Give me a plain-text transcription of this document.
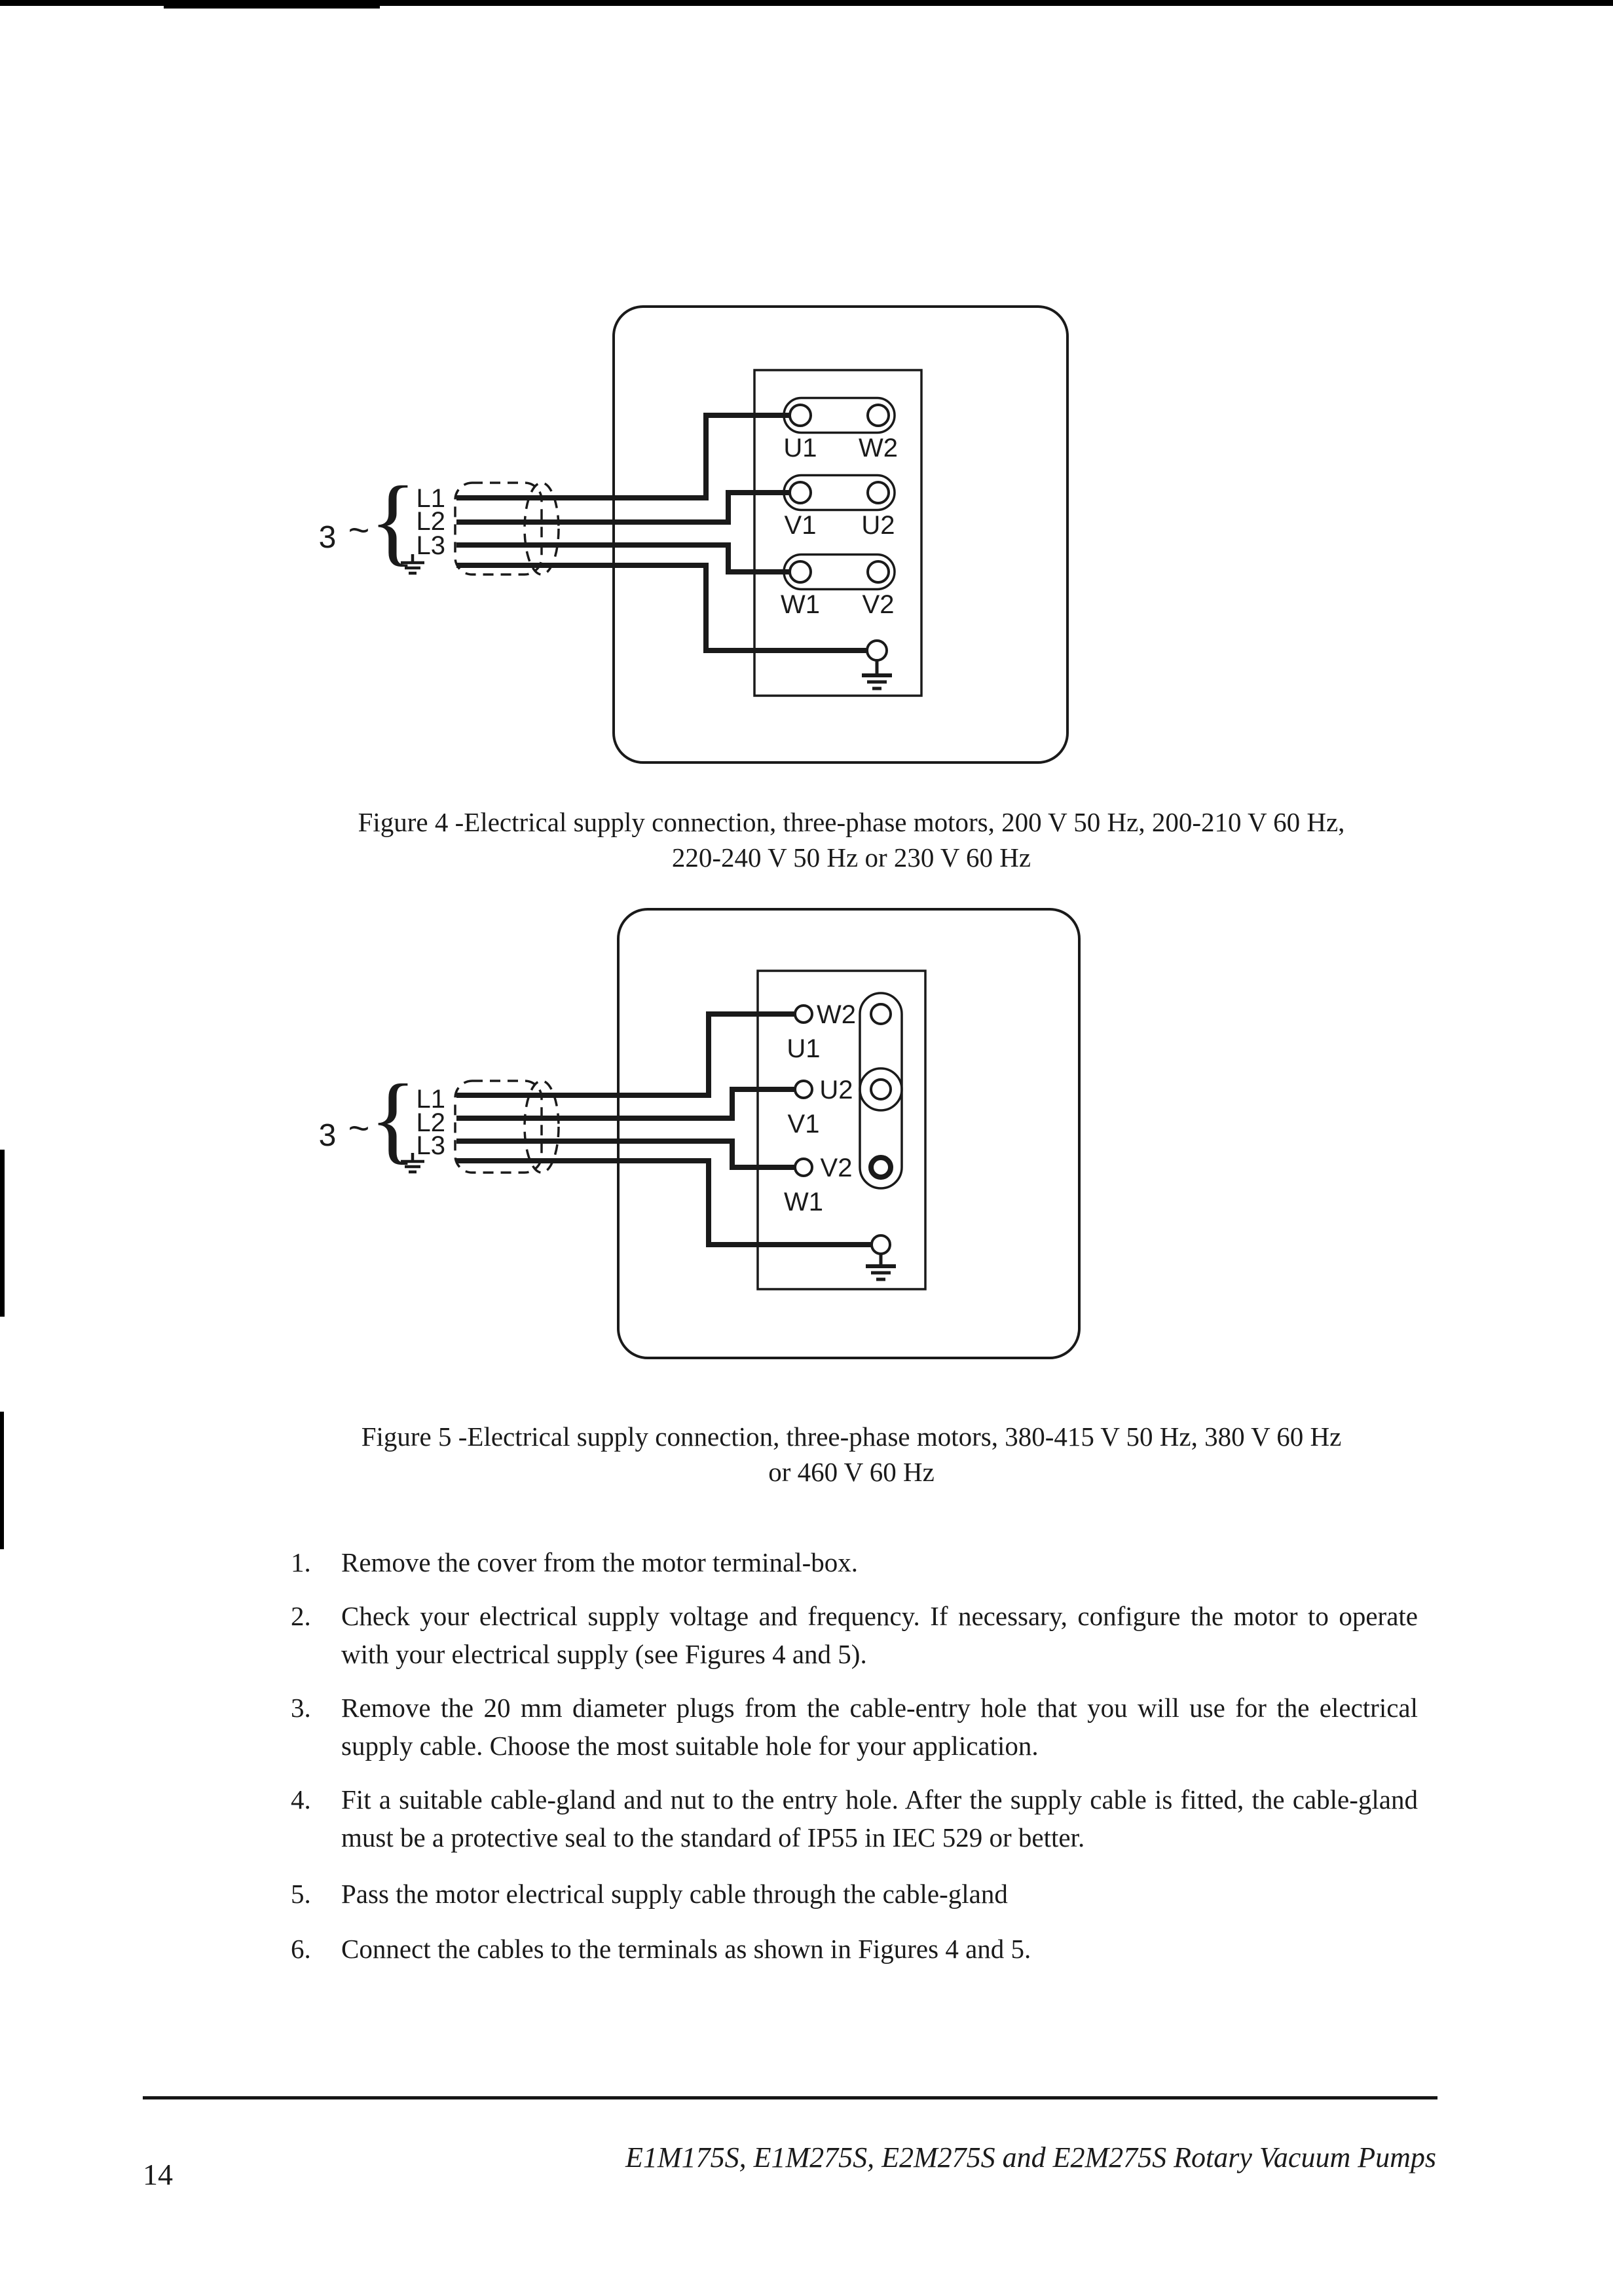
U1 W2
V1 U2
W1 V2
3 ~ { L1
L2
L3
Figure 4 -Electrical supply connection, three-phase motors, 200 V 50 Hz, 200-210 V 60 Hz,
220-240 V 50 Hz or 230 V 60 Hz
W2
U1
U2
V1
V2
W1
3 ~ { L1
L2
L3
Figure 5 -Electrical supply connection, three-phase motors, 380-415 V 50 Hz, 380 V 60 Hz
or 460 V 60 Hz
1. Remove the cover from the motor terminal-box.
2. Check your electrical supply voltage and frequency. If necessary, configure the motor to operate with your electrical supply (see Figures 4 and 5).
3. Remove the 20 mm diameter plugs from the cable-entry hole that you will use for the electrical supply cable. Choose the most suitable hole for your application.
4. Fit a suitable cable-gland and nut to the entry hole. After the supply cable is fitted, the cable-gland must be a protective seal to the standard of IP55 in IEC 529 or better.
5. Pass the motor electrical supply cable through the cable-gland
6. Connect the cables to the terminals as shown in Figures 4 and 5.
14
E1M175S, E1M275S, E2M275S and E2M275S Rotary Vacuum Pumps
